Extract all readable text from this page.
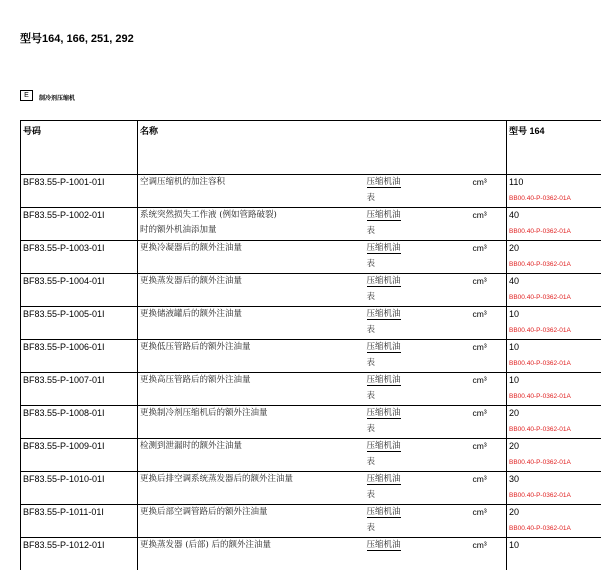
型号164, 166, 251, 292
E	制冷剂压缩机
号码	名称			型号 164
BF83.55-P-1001-01I	空调压缩机的加注容积	压缩机油	cm³	110
		表		BB00.40-P-0362-01A
BF83.55-P-1002-01I	系统突然损失工作液 (例如管路破裂)
时的额外机油添加量	压缩机油	cm³	40
		表		BB00.40-P-0362-01A
BF83.55-P-1003-01I	更换冷凝器后的额外注油量	压缩机油	cm³	20
		表		BB00.40-P-0362-01A
BF83.55-P-1004-01I	更换蒸发器后的额外注油量	压缩机油	cm³	40
		表		BB00.40-P-0362-01A
BF83.55-P-1005-01I	更换储液罐后的额外注油量	压缩机油	cm³	10
		表		BB00.40-P-0362-01A
BF83.55-P-1006-01I	更换低压管路后的额外注油量	压缩机油	cm³	10
		表		BB00.40-P-0362-01A
BF83.55-P-1007-01I	更换高压管路后的额外注油量	压缩机油	cm³	10
		表		BB00.40-P-0362-01A
BF83.55-P-1008-01I	更换制冷剂压缩机后的额外注油量	压缩机油	cm³	20
		表		BB00.40-P-0362-01A
BF83.55-P-1009-01I	检测到泄漏时的额外注油量	压缩机油	cm³	20
		表		BB00.40-P-0362-01A
BF83.55-P-1010-01I	更换后排空调系统蒸发器后的额外注油量	压缩机油	cm³	30
		表		BB00.40-P-0362-01A
BF83.55-P-1011-01I	更换后部空调管路后的额外注油量	压缩机油	cm³	20
		表		BB00.40-P-0362-01A
BF83.55-P-1012-01I	更换蒸发器 (后部) 后的额外注油量	压缩机油	cm³	10
